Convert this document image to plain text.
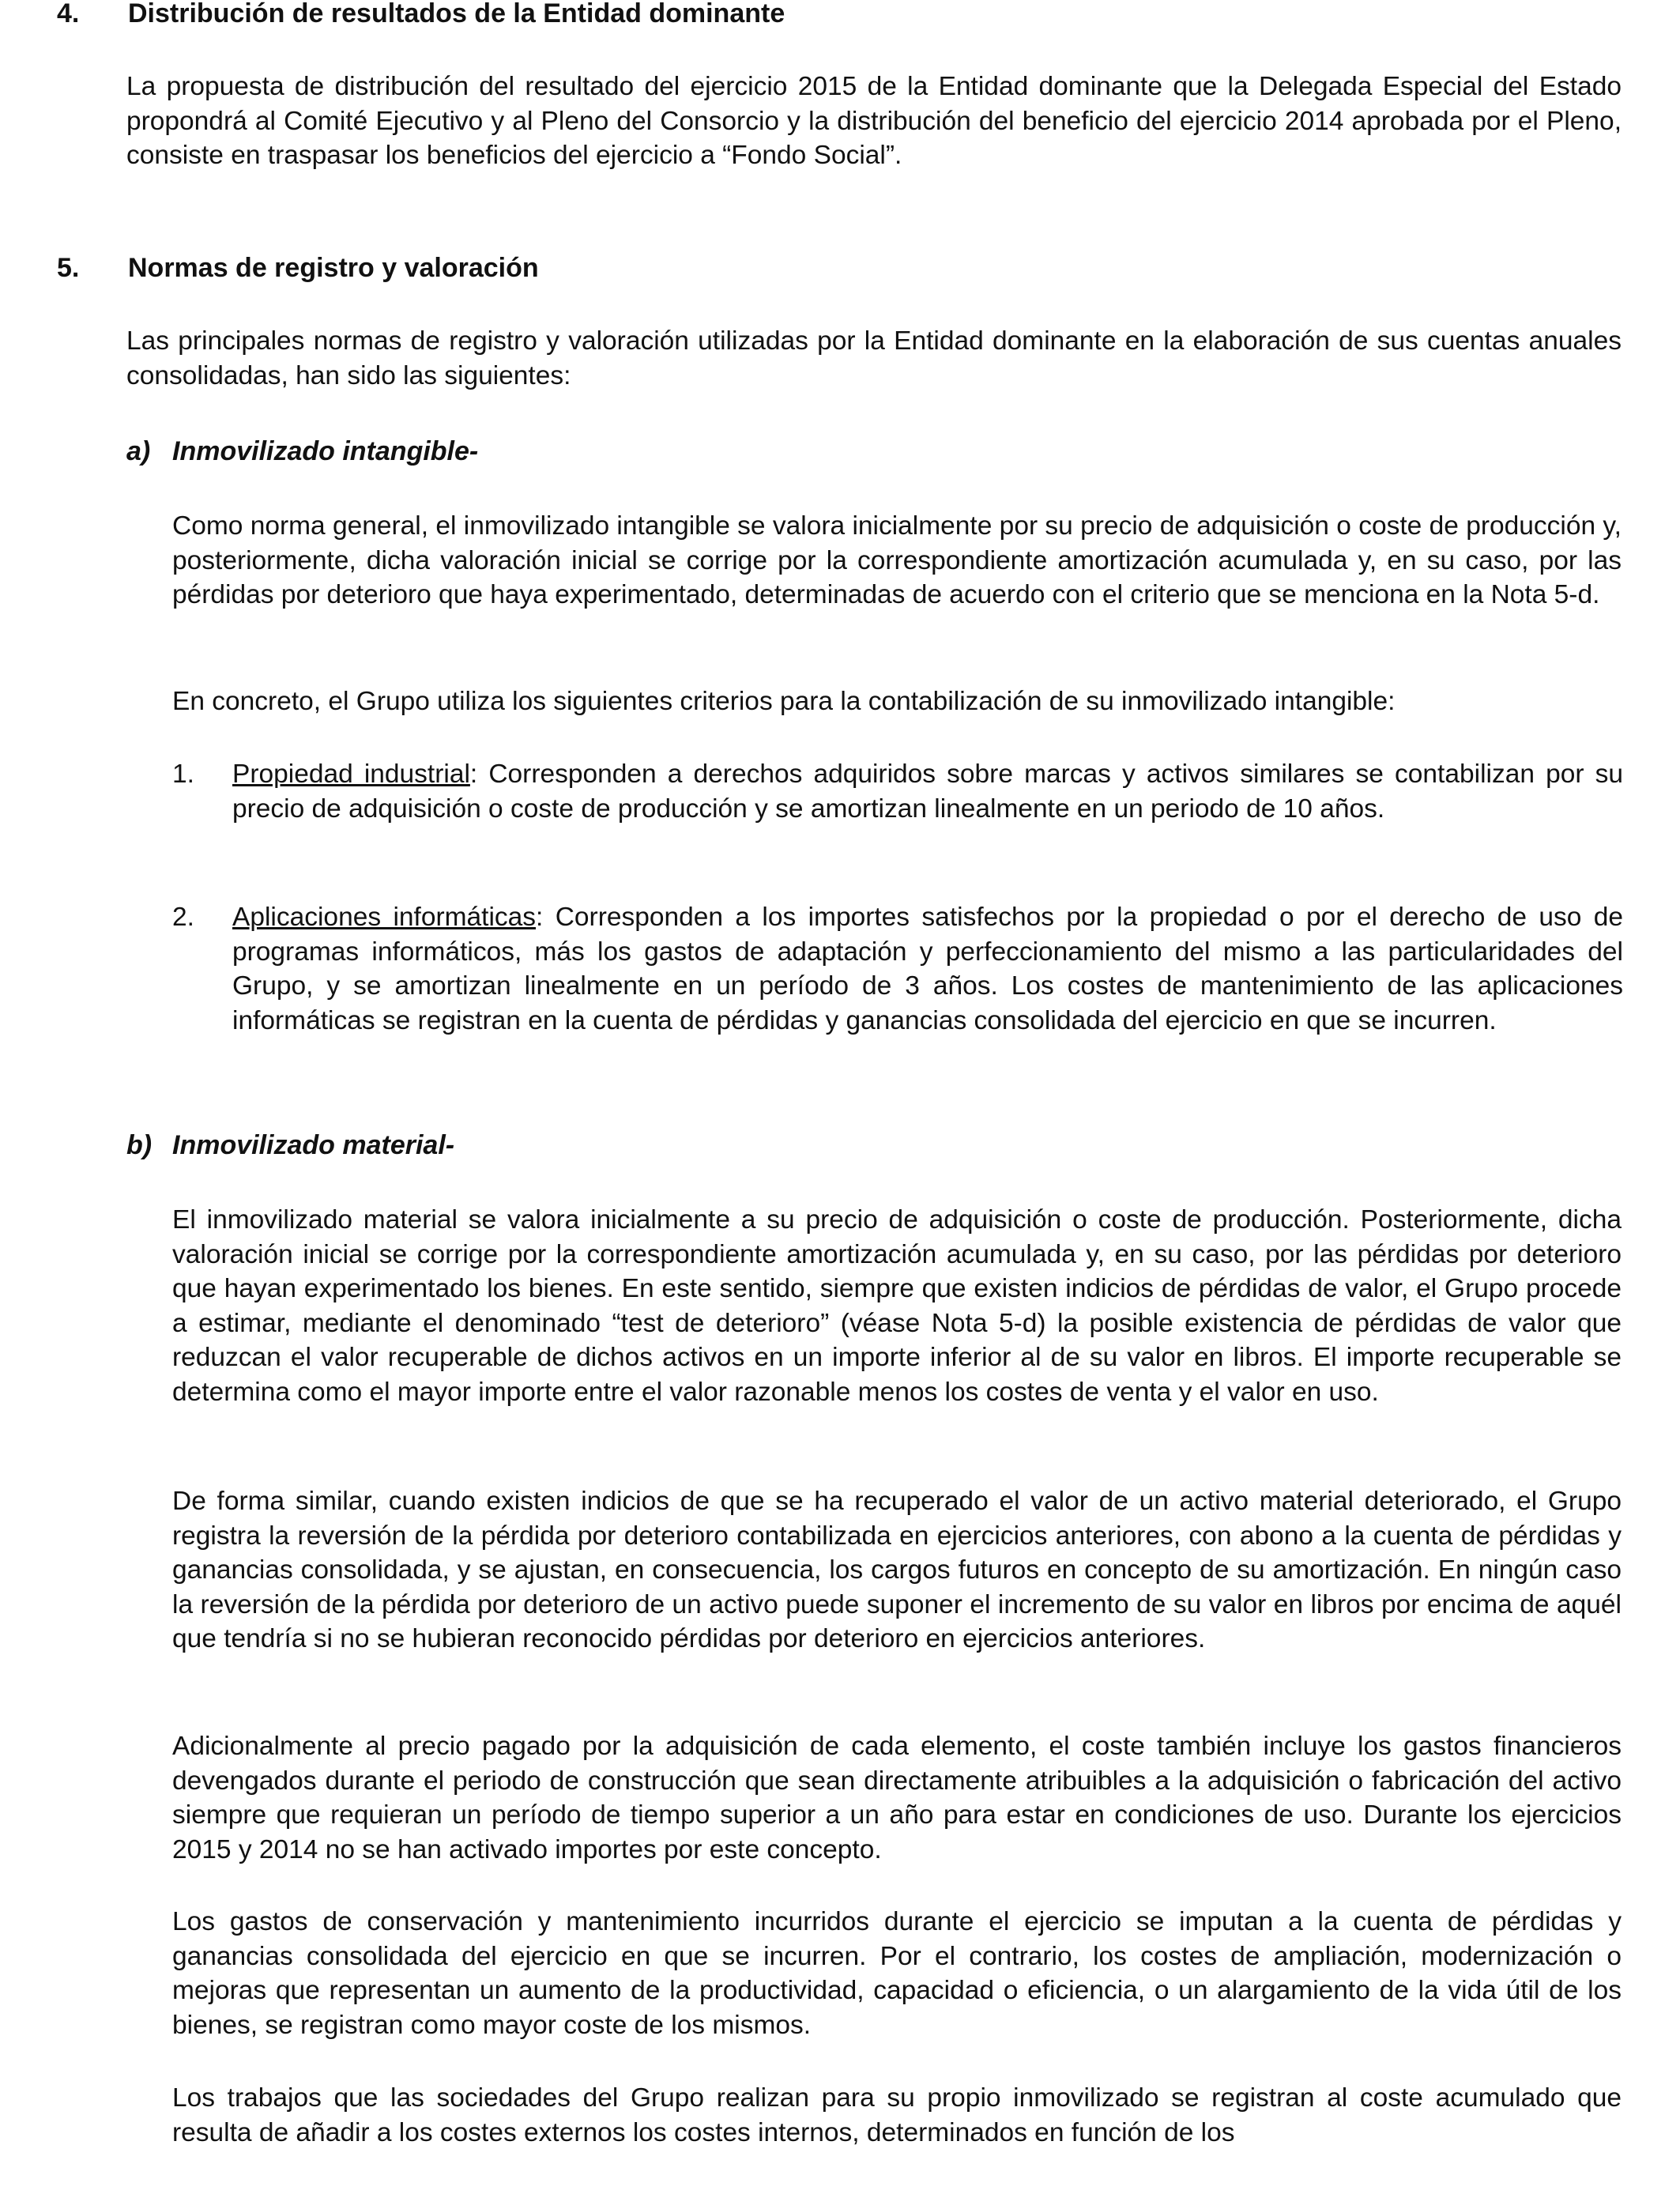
4. Distribución de resultados de la Entidad dominante

La propuesta de distribución del resultado del ejercicio 2015 de la Entidad dominante que la Delegada Especial del Estado propondrá al Comité Ejecutivo y al Pleno del Consorcio y la distribución del beneficio del ejercicio 2014 aprobada por el Pleno, consiste en traspasar los beneficios del ejercicio a “Fondo Social”.

5. Normas de registro y valoración

Las principales normas de registro y valoración utilizadas por la Entidad dominante en la elaboración de sus cuentas anuales consolidadas, han sido las siguientes:

a) Inmovilizado intangible-

Como norma general, el inmovilizado intangible se valora inicialmente por su precio de adquisición o coste de producción y, posteriormente, dicha valoración inicial se corrige por la correspondiente amortización acumulada y, en su caso, por las pérdidas por deterioro que haya experimentado, determinadas de acuerdo con el criterio que se menciona en la Nota 5-d.

En concreto, el Grupo utiliza los siguientes criterios para la contabilización de su inmovilizado intangible:

1. Propiedad industrial: Corresponden a derechos adquiridos sobre marcas y activos similares se contabilizan por su precio de adquisición o coste de producción y se amortizan linealmente en un periodo de 10 años.
2. Aplicaciones informáticas: Corresponden a los importes satisfechos por la propiedad o por el derecho de uso de programas informáticos, más los gastos de adaptación y perfeccionamiento del mismo a las particularidades del Grupo, y se amortizan linealmente en un período de 3 años. Los costes de mantenimiento de las aplicaciones informáticas se registran en la cuenta de pérdidas y ganancias consolidada del ejercicio en que se incurren.
b) Inmovilizado material-

El inmovilizado material se valora inicialmente a su precio de adquisición o coste de producción. Posteriormente, dicha valoración inicial se corrige por la correspondiente amortización acumulada y, en su caso, por las pérdidas por deterioro que hayan experimentado los bienes. En este sentido, siempre que existen indicios de pérdidas de valor, el Grupo procede a estimar, mediante el denominado “test de deterioro” (véase Nota 5-d) la posible existencia de pérdidas de valor que reduzcan el valor recuperable de dichos activos en un importe inferior al de su valor en libros. El importe recuperable se determina como el mayor importe entre el valor razonable menos los costes de venta y el valor en uso.

De forma similar, cuando existen indicios de que se ha recuperado el valor de un activo material deteriorado, el Grupo registra la reversión de la pérdida por deterioro contabilizada en ejercicios anteriores, con abono a la cuenta de pérdidas y ganancias consolidada, y se ajustan, en consecuencia, los cargos futuros en concepto de su amortización. En ningún caso la reversión de la pérdida por deterioro de un activo puede suponer el incremento de su valor en libros por encima de aquél que tendría si no se hubieran reconocido pérdidas por deterioro en ejercicios anteriores.

Adicionalmente al precio pagado por la adquisición de cada elemento, el coste también incluye los gastos financieros devengados durante el periodo de construcción que sean directamente atribuibles a la adquisición o fabricación del activo siempre que requieran un período de tiempo superior a un año para estar en condiciones de uso. Durante los ejercicios 2015 y 2014 no se han activado importes por este concepto.

Los gastos de conservación y mantenimiento incurridos durante el ejercicio se imputan a la cuenta de pérdidas y ganancias consolidada del ejercicio en que se incurren. Por el contrario, los costes de ampliación, modernización o mejoras que representan un aumento de la productividad, capacidad o eficiencia, o un alargamiento de la vida útil de los bienes, se registran como mayor coste de los mismos.

Los trabajos que las sociedades del Grupo realizan para su propio inmovilizado se registran al coste acumulado que resulta de añadir a los costes externos los costes internos, determinados en función de los
